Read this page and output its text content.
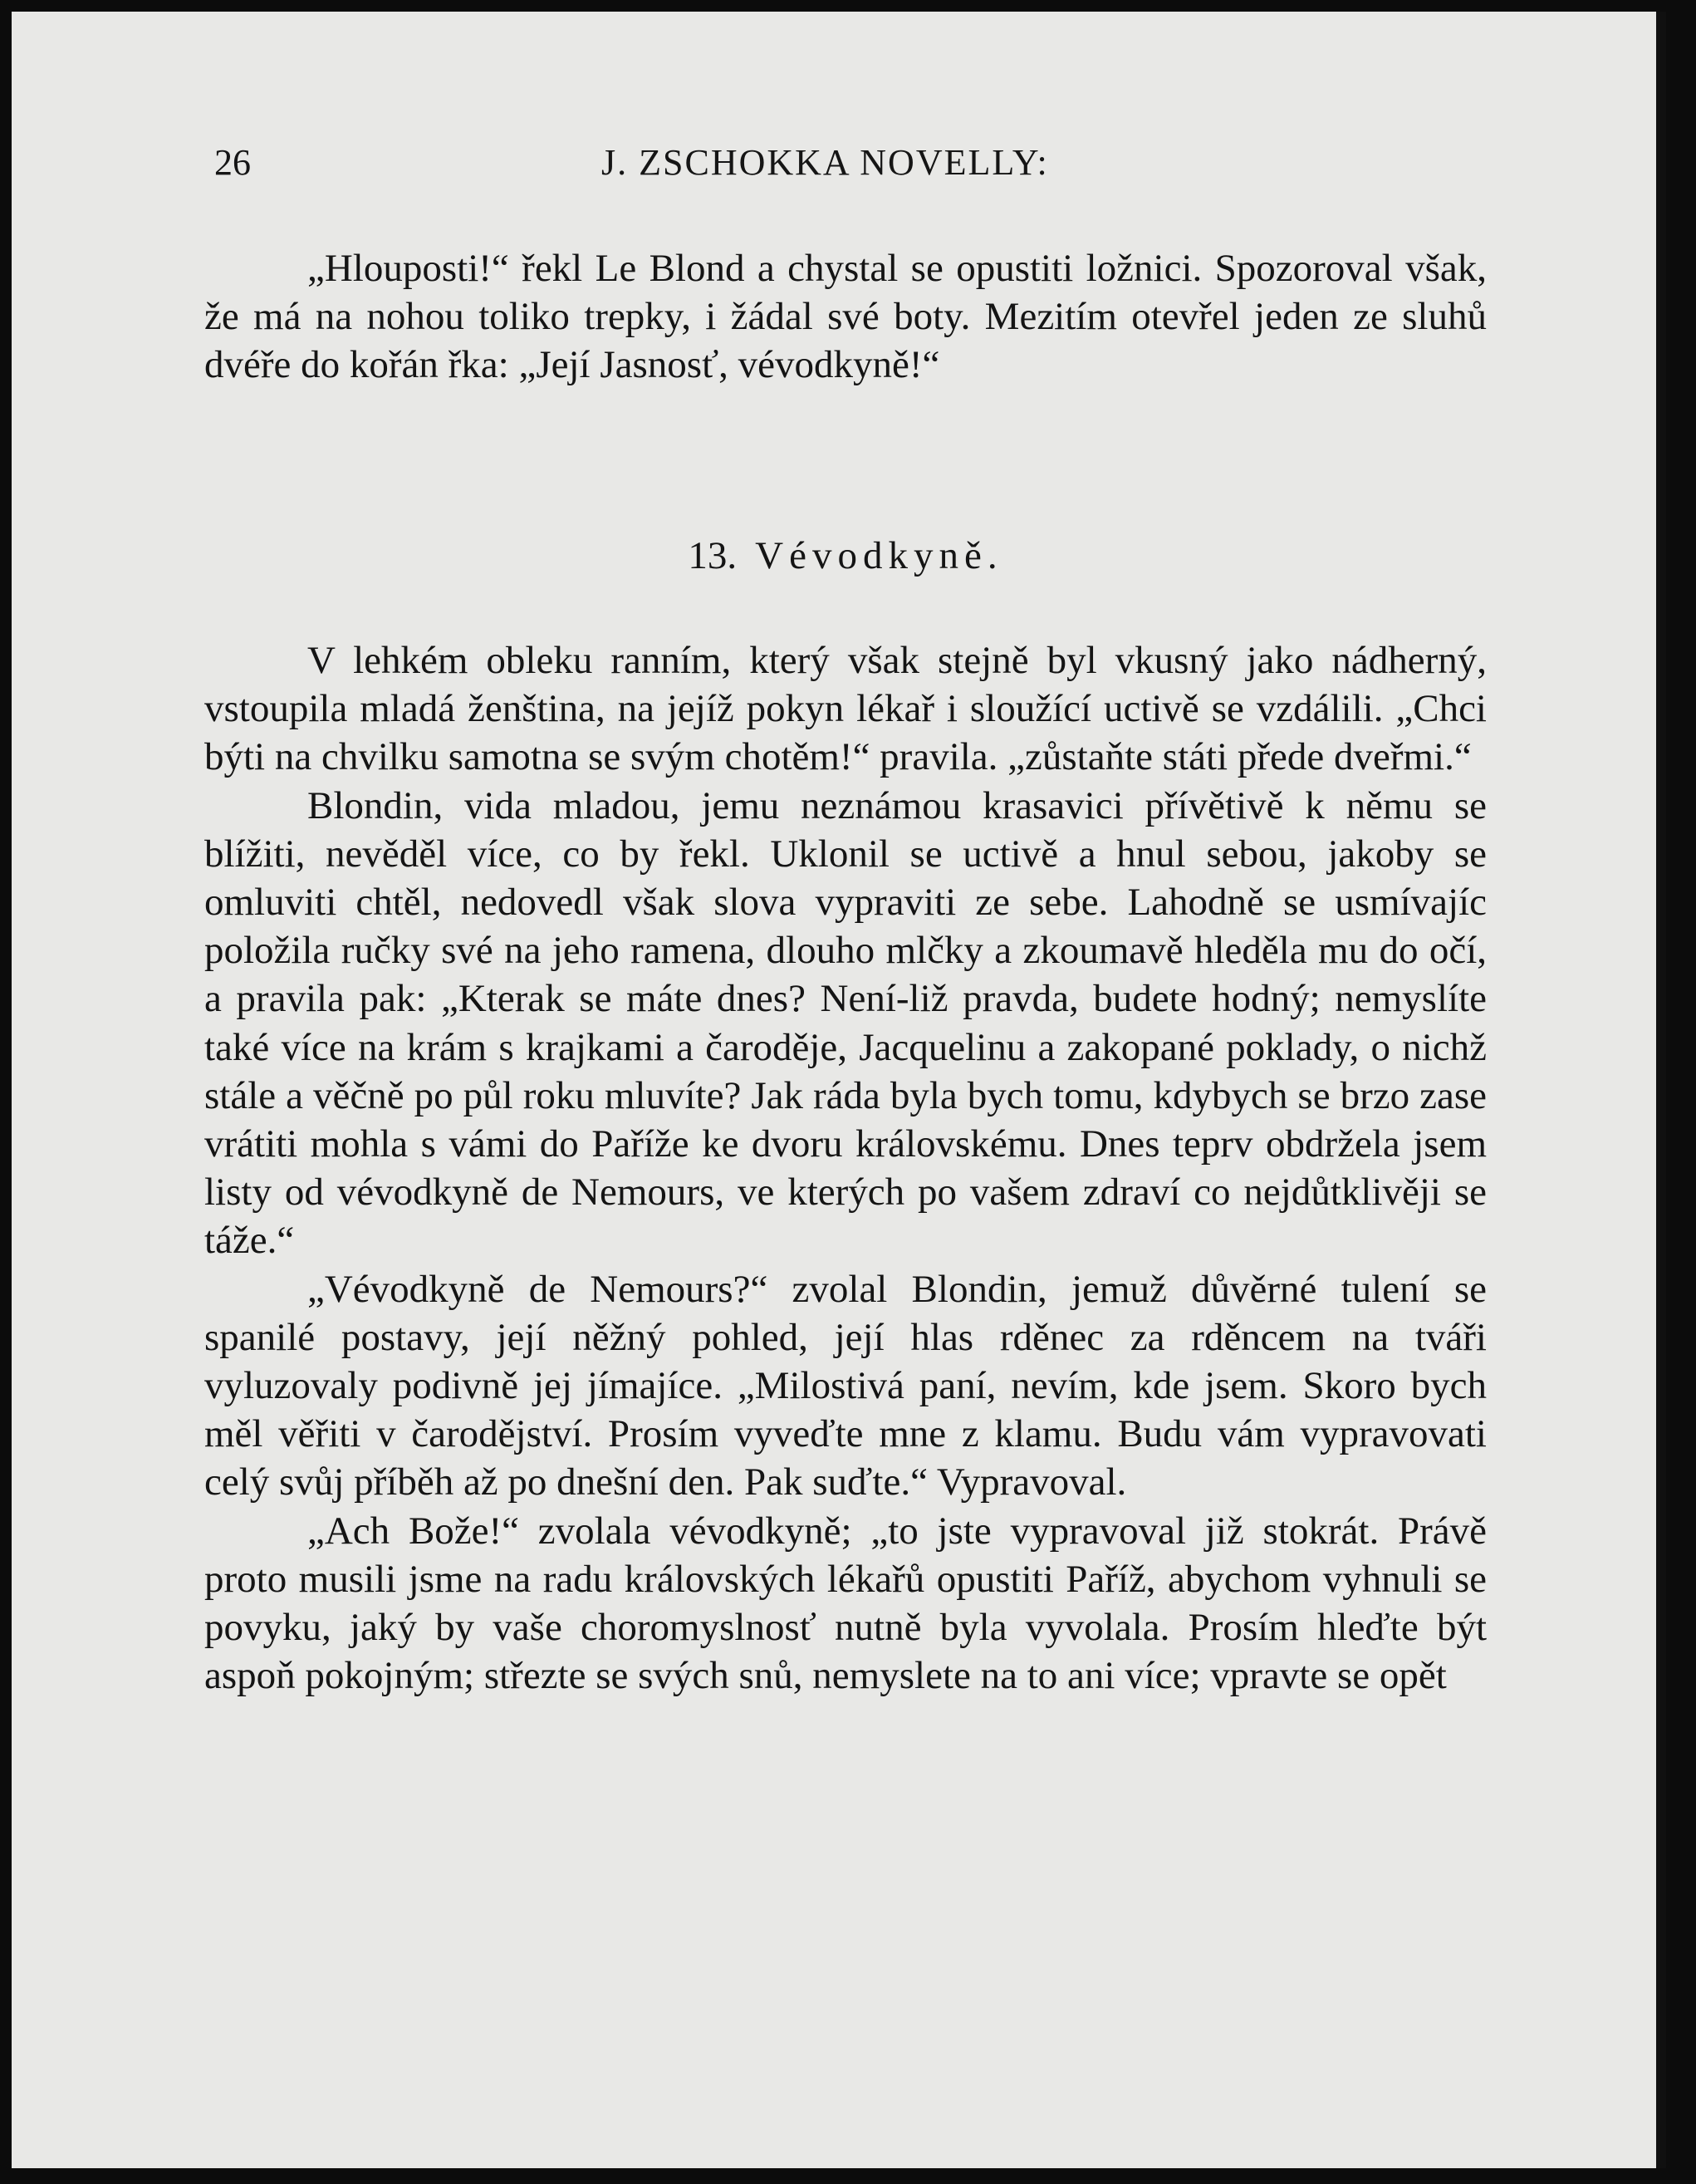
26	J. ZSCHOKKA NOVELLY:

„Hlouposti!“ řekl Le Blond a chystal se opustiti ložnici. Spozoroval však, že má na nohou toliko trepky, i žádal své boty. Mezitím otevřel jeden ze sluhů dvéře do kořán řka: „Její Jasnosť, vévodkyně!“

13. Vévodkyně.

V lehkém obleku ranním, který však stejně byl vkusný jako nádherný, vstoupila mladá ženština, na jejíž pokyn lékař i sloužící uctivě se vzdálili. „Chci býti na chvilku samotna se svým chotěm!“ pravila. „zůstaňte státi přede dveřmi.“

Blondin, vida mladou, jemu neznámou krasavici přívětivě k němu se blížiti, nevěděl více, co by řekl. Uklonil se uctivě a hnul sebou, jakoby se omluviti chtěl, nedovedl však slova vypraviti ze sebe. Lahodně se usmívajíc položila ručky své na jeho ramena, dlouho mlčky a zkoumavě hleděla mu do očí, a pravila pak: „Kterak se máte dnes? Není-liž pravda, budete hodný; nemyslíte také více na krám s krajkami a čaroděje, Jacquelinu a zakopané poklady, o nichž stále a věčně po půl roku mluvíte? Jak ráda byla bych tomu, kdybych se brzo zase vrátiti mohla s vámi do Paříže ke dvoru královskému. Dnes teprv obdržela jsem listy od vévodkyně de Nemours, ve kterých po vašem zdraví co nejdůtklivěji se táže.“

„Vévodkyně de Nemours?“ zvolal Blondin, jemuž důvěrné tulení se spanilé postavy, její něžný pohled, její hlas rděnec za rděncem na tváři vyluzovaly podivně jej jímajíce. „Milostivá paní, nevím, kde jsem. Skoro bych měl věřiti v čarodějství. Prosím vyveďte mne z klamu. Budu vám vypravovati celý svůj příběh až po dnešní den. Pak suďte.“ Vypravoval.

„Ach Bože!“ zvolala vévodkyně; „to jste vypravoval již stokrát. Právě proto musili jsme na radu královských lékařů opustiti Paříž, abychom vyhnuli se povyku, jaký by vaše choromyslnosť nutně byla vyvolala. Prosím hleďte být aspoň pokojným; střezte se svých snů, nemyslete na to ani více; vpravte se opět
